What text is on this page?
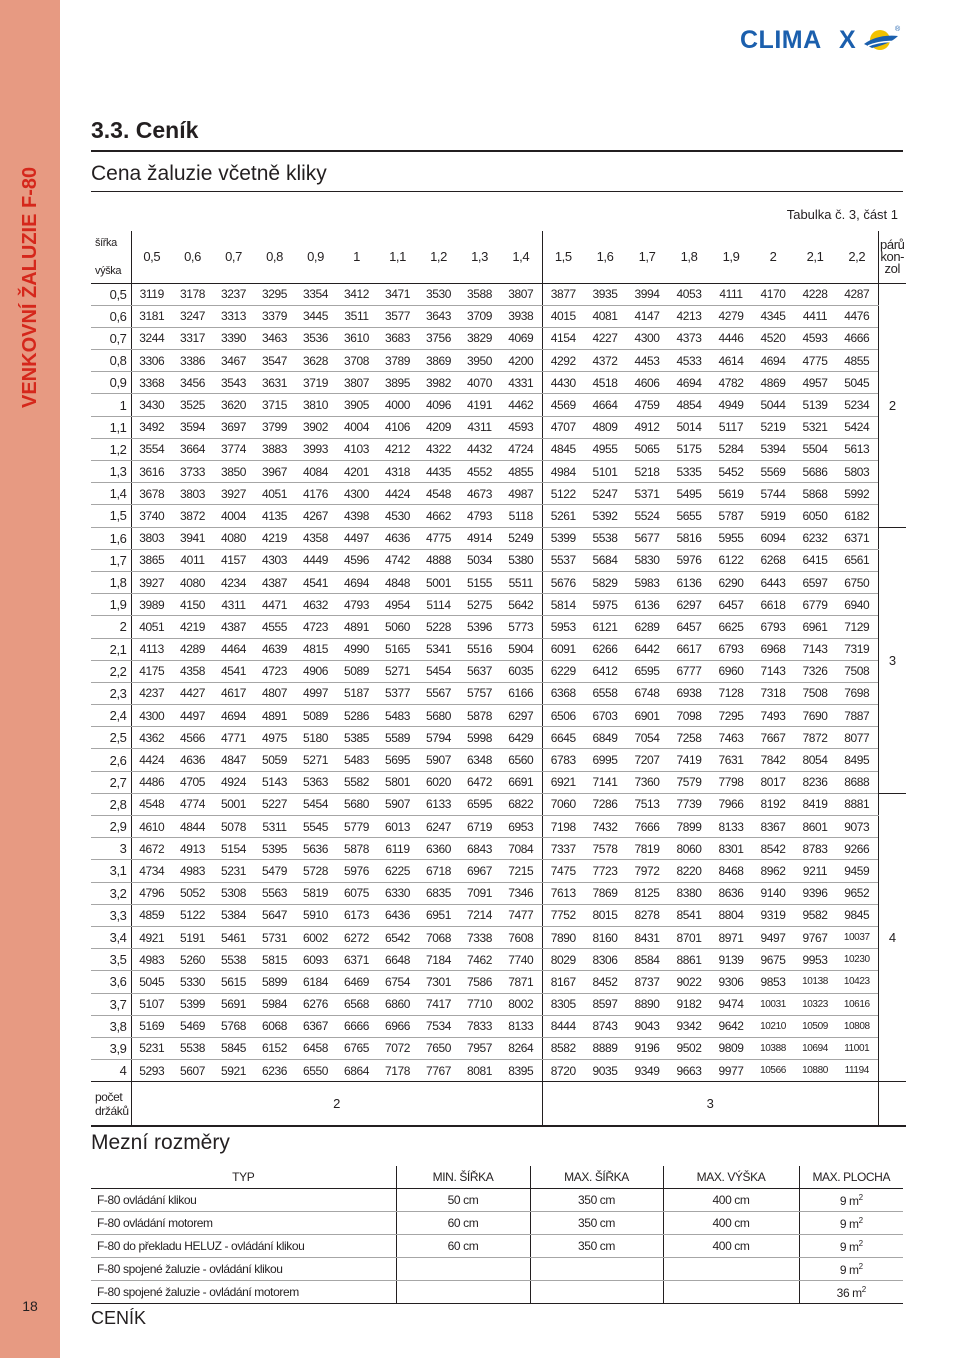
VENKOVNÍ ŽALUZIE F-80
18
CLIMA X	®
3.3. Ceník
Cena žaluzie včetně kliky
Tabulka č. 3, část 1
šířka
výška	0,5	0,6	0,7	0,8	0,9	1	1,1	1,2	1,3	1,4	1,5	1,6	1,7	1,8	1,9	2	2,1	2,2	párů
kon-
zol
0,5	3119	3178	3237	3295	3354	3412	3471	3530	3588	3807	3877	3935	3994	4053	4111	4170	4228	4287	2
0,6	3181	3247	3313	3379	3445	3511	3577	3643	3709	3938	4015	4081	4147	4213	4279	4345	4411	4476	
0,7	3244	3317	3390	3463	3536	3610	3683	3756	3829	4069	4154	4227	4300	4373	4446	4520	4593	4666	
0,8	3306	3386	3467	3547	3628	3708	3789	3869	3950	4200	4292	4372	4453	4533	4614	4694	4775	4855	
0,9	3368	3456	3543	3631	3719	3807	3895	3982	4070	4331	4430	4518	4606	4694	4782	4869	4957	5045	
1	3430	3525	3620	3715	3810	3905	4000	4096	4191	4462	4569	4664	4759	4854	4949	5044	5139	5234	
1,1	3492	3594	3697	3799	3902	4004	4106	4209	4311	4593	4707	4809	4912	5014	5117	5219	5321	5424	
1,2	3554	3664	3774	3883	3993	4103	4212	4322	4432	4724	4845	4955	5065	5175	5284	5394	5504	5613	
1,3	3616	3733	3850	3967	4084	4201	4318	4435	4552	4855	4984	5101	5218	5335	5452	5569	5686	5803	
1,4	3678	3803	3927	4051	4176	4300	4424	4548	4673	4987	5122	5247	5371	5495	5619	5744	5868	5992	
1,5	3740	3872	4004	4135	4267	4398	4530	4662	4793	5118	5261	5392	5524	5655	5787	5919	6050	6182	
1,6	3803	3941	4080	4219	4358	4497	4636	4775	4914	5249	5399	5538	5677	5816	5955	6094	6232	6371	3
1,7	3865	4011	4157	4303	4449	4596	4742	4888	5034	5380	5537	5684	5830	5976	6122	6268	6415	6561	
1,8	3927	4080	4234	4387	4541	4694	4848	5001	5155	5511	5676	5829	5983	6136	6290	6443	6597	6750	
1,9	3989	4150	4311	4471	4632	4793	4954	5114	5275	5642	5814	5975	6136	6297	6457	6618	6779	6940	
2	4051	4219	4387	4555	4723	4891	5060	5228	5396	5773	5953	6121	6289	6457	6625	6793	6961	7129	
2,1	4113	4289	4464	4639	4815	4990	5165	5341	5516	5904	6091	6266	6442	6617	6793	6968	7143	7319	
2,2	4175	4358	4541	4723	4906	5089	5271	5454	5637	6035	6229	6412	6595	6777	6960	7143	7326	7508	
2,3	4237	4427	4617	4807	4997	5187	5377	5567	5757	6166	6368	6558	6748	6938	7128	7318	7508	7698	
2,4	4300	4497	4694	4891	5089	5286	5483	5680	5878	6297	6506	6703	6901	7098	7295	7493	7690	7887	
2,5	4362	4566	4771	4975	5180	5385	5589	5794	5998	6429	6645	6849	7054	7258	7463	7667	7872	8077	
2,6	4424	4636	4847	5059	5271	5483	5695	5907	6348	6560	6783	6995	7207	7419	7631	7842	8054	8495	
2,7	4486	4705	4924	5143	5363	5582	5801	6020	6472	6691	6921	7141	7360	7579	7798	8017	8236	8688	
2,8	4548	4774	5001	5227	5454	5680	5907	6133	6595	6822	7060	7286	7513	7739	7966	8192	8419	8881	4
2,9	4610	4844	5078	5311	5545	5779	6013	6247	6719	6953	7198	7432	7666	7899	8133	8367	8601	9073	
3	4672	4913	5154	5395	5636	5878	6119	6360	6843	7084	7337	7578	7819	8060	8301	8542	8783	9266	
3,1	4734	4983	5231	5479	5728	5976	6225	6718	6967	7215	7475	7723	7972	8220	8468	8962	9211	9459	
3,2	4796	5052	5308	5563	5819	6075	6330	6835	7091	7346	7613	7869	8125	8380	8636	9140	9396	9652	
3,3	4859	5122	5384	5647	5910	6173	6436	6951	7214	7477	7752	8015	8278	8541	8804	9319	9582	9845	
3,4	4921	5191	5461	5731	6002	6272	6542	7068	7338	7608	7890	8160	8431	8701	8971	9497	9767	10037	
3,5	4983	5260	5538	5815	6093	6371	6648	7184	7462	7740	8029	8306	8584	8861	9139	9675	9953	10230	
3,6	5045	5330	5615	5899	6184	6469	6754	7301	7586	7871	8167	8452	8737	9022	9306	9853	10138	10423	
3,7	5107	5399	5691	5984	6276	6568	6860	7417	7710	8002	8305	8597	8890	9182	9474	10031	10323	10616	
3,8	5169	5469	5768	6068	6367	6666	6966	7534	7833	8133	8444	8743	9043	9342	9642	10210	10509	10808	
3,9	5231	5538	5845	6152	6458	6765	7072	7650	7957	8264	8582	8889	9196	9502	9809	10388	10694	11001	
4	5293	5607	5921	6236	6550	6864	7178	7767	8081	8395	8720	9035	9349	9663	9977	10566	10880	11194	
počet
držáků	2										3								
Mezní rozměry
TYP	MIN. ŠÍŘKA	MAX. ŠÍŘKA	MAX. VÝŠKA	MAX. PLOCHA
F-80 ovládání klikou	50 cm	350 cm	400 cm	9 $m^2$
F-80 ovládání motorem	60 cm	350 cm	400 cm	9 $m^2$
F-80 do překladu HELUZ - ovládání klikou	60 cm	350 cm	400 cm	9 $m^2$
F-80 spojené žaluzie - ovládání klikou				9 $m^2$
F-80 spojené žaluzie - ovládání motorem				36 $m^2$
CENÍK
